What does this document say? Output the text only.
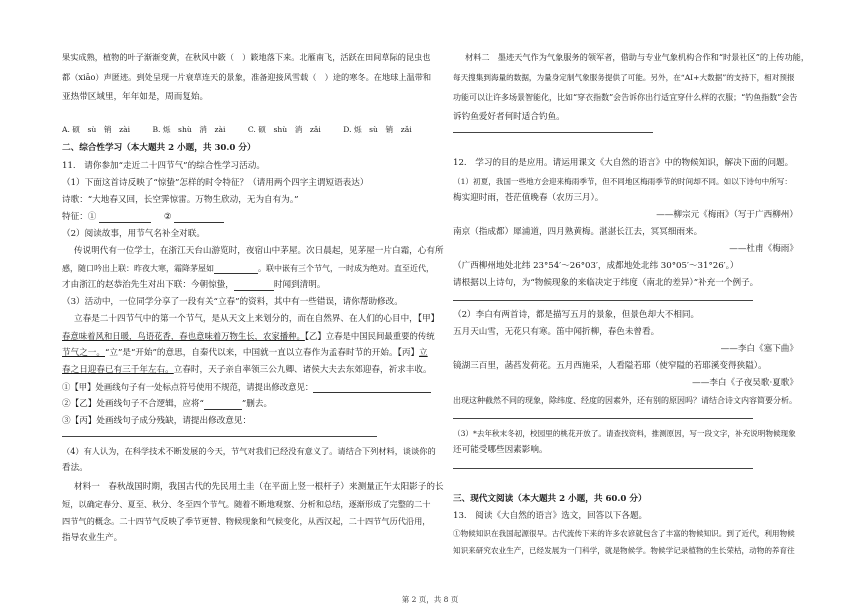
果实成熟，植物的叶子渐渐变黄，在秋风中簌（　）簌地落下来。北雁南飞，活跃在田间草际的昆虫也
都（xiāo）声匿迹。到处呈现一片衰草连天的景象，准备迎接风雪载（　）途的寒冬。在地球上温带和
亚热带区域里，年年如是，周而复始。
A. 硕　sù　销　zài	B. 烁　shù　消　zài	C. 硕　shù　消　zǎi	D. 烁　sù　销　zǎi
二、综合性学习（本大题共 2 小题，共 30.0 分）
11.　请你参加“走近二十四节气”的综合性学习活动。
（1）下面这首诗反映了“惊蛰”怎样的时令特征？（请用两个四字主谓短语表达）
诗歌：“大地春又回，长空霁惊雷。万物生欣动，无为自有为。”
特征：①	②
（2）阅读故事，用节气名补全对联。
传说明代有一位学士，在浙江天台山游览时，夜宿山中茅屋。次日晨起，见茅屋一片白霜，心有所
感，随口吟出上联：昨夜大寒，霜降茅屋如	。联中嵌有三个节气，一时成为绝对。直至近代，
才由浙江的赵恭治先生对出下联：今朝惊蛰，	时闻到清明。
（3）活动中，一位同学分享了一段有关“立春”的资料，其中有一些错误，请你帮助修改。
立春是二十四节气中的第一个节气，是从天文上来划分的，而在自然界、在人们的心目中，【甲】
春意味着风和日暖，鸟语花香，春也意味着万物生长，农家播种。【乙】立春是中国民间最重要的传统
节气之一。“立”是“开始”的意思，自秦代以来，中国就一直以立春作为孟春时节的开始。【丙】立
春之日迎春已有三千年左右。立春时，天子亲自率领三公九卿、诸侯大夫去东郊迎春，祈求丰收。
①【甲】处画线句子有一处标点符号使用不规范，请提出修改意见：
②【乙】处画线句子不合逻辑，应将“	”删去。
③【丙】处画线句子成分残缺，请提出修改意见：
（4）有人认为，在科学技术不断发展的今天，节气对我们已经没有意义了。请结合下列材料，谈谈你的
看法。
材料一　春秋战国时期，我国古代的先民用土圭（在平面上竖一根杆子）来测量正午太阳影子的长
短，以确定春分、夏至、秋分、冬至四个节气。随着不断地观察、分析和总结，逐渐形成了完整的二十
四节气的概念。二十四节气反映了季节更替、物候现象和气候变化，从西汉起，二十四节气历代沿用，
指导农业生产。
材料二　墨迹天气作为气象服务的领军者，借助与专业气象机构合作和“时景社区”的上传功能，
每天搜集到海量的数据，为量身定制气象服务提供了可能。另外，在“AI+大数据”的支持下，相对预报
功能可以让许多场景智能化，比如“穿衣指数”会告诉你出行适宜穿什么样的衣服；“钓鱼指数”会告
诉钓鱼爱好者何时适合钓鱼。
12.　学习的目的是应用。请运用课文《大自然的语言》中的物候知识，解决下面的问题。
（1）初夏，我国一些地方会迎来梅雨季节，但不同地区梅雨季节的时间却不同。如以下诗句中所写：
梅实迎时雨，苍茫值晚春（农历三月）。
——柳宗元《梅雨》（写于广西柳州）
南京（指成都）犀浦道，四月熟黄梅。湛湛长江去，冥冥细雨来。
——杜甫《梅雨》
（广西柳州地处北纬 23°54′～26°03′，成都地处北纬 30°05′～31°26′。）
请根据以上诗句，为“物候现象的来临决定于纬度（南北的差异）”补充一个例子。
（2）李白有两首诗，都是描写五月的景象，但景色却大不相同。
五月天山雪，无花只有寒。笛中闻折柳，春色未曾看。
——李白《塞下曲》
镜湖三百里，菡萏发荷花。五月西施采，人看隘若耶（使窄隘的若耶溪变得狭隘）。
——李白《子夜吴歌·夏歌》
出现这种截然不同的现象，除纬度、经度的因素外，还有别的原因吗？请结合诗文内容简要分析。
（3）*去年秋末冬初，校园里的桃花开放了。请查找资料，推测原因，写一段文字，补充说明物候现象
还可能受哪些因素影响。
三、现代文阅读（本大题共 2 小题，共 60.0 分）
13.　阅读《大自然的语言》选文，回答以下各题。
①物候知识在我国起源很早。古代流传下来的许多农谚就包含了丰富的物候知识。到了近代，利用物候
知识来研究农业生产，已经发展为一门科学，就是物候学。物候学记录植物的生长荣枯，动物的养育往
第 2 页，共 8 页
